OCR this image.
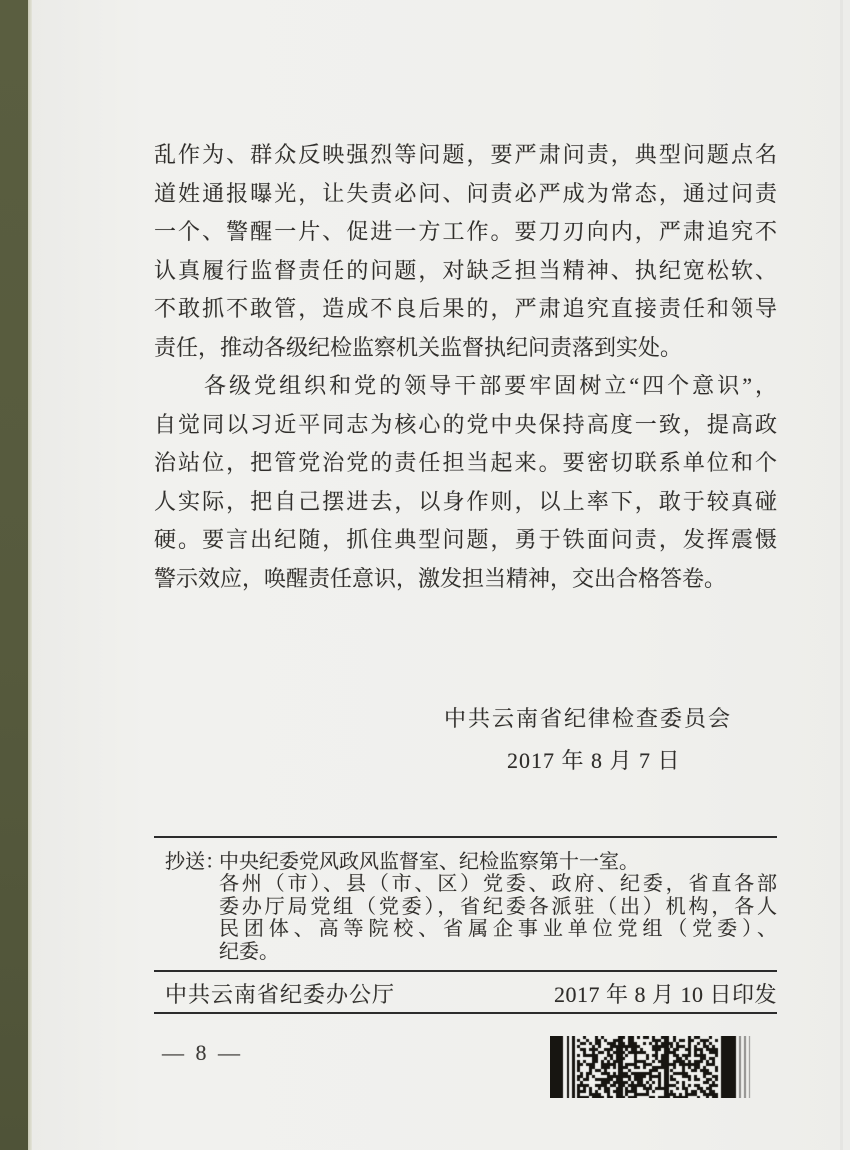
乱作为、群众反映强烈等问题，要严肃问责，典型问题点名
道姓通报曝光，让失责必问、问责必严成为常态，通过问责
一个、警醒一片、促进一方工作。要刀刃向内，严肃追究不
认真履行监督责任的问题，对缺乏担当精神、执纪宽松软、
不敢抓不敢管，造成不良后果的，严肃追究直接责任和领导
责任，推动各级纪检监察机关监督执纪问责落到实处。
　　各级党组织和党的领导干部要牢固树立“四个意识”，
自觉同以习近平同志为核心的党中央保持高度一致，提高政
治站位，把管党治党的责任担当起来。要密切联系单位和个
人实际，把自己摆进去，以身作则，以上率下，敢于较真碰
硬。要言出纪随，抓住典型问题，勇于铁面问责，发挥震慑
警示效应，唤醒责任意识，激发担当精神，交出合格答卷。
中共云南省纪律检查委员会
2017 年 8 月 7 日
抄送：
中央纪委党风政风监督室、纪检监察第十一室。
各州（市）、县（市、区）党委、政府、纪委，省直各部
委办厅局党组（党委），省纪委各派驻（出）机构，各人
民团体、高等院校、省属企事业单位党组（党委）、
纪委。
中共云南省纪委办公厅	2017 年 8 月 10 日印发
— 8 —
